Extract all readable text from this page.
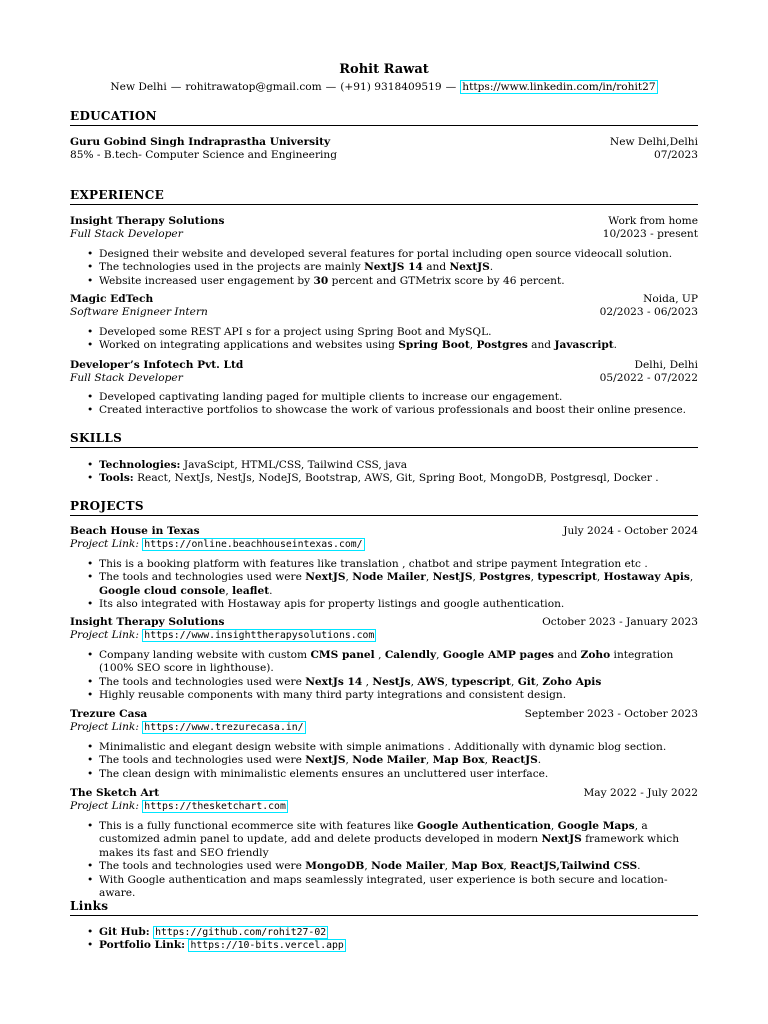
Rohit Rawat
New Delhi — rohitrawatop@gmail.com — (+91) 9318409519 — https://www.linkedin.com/in/rohit27
EDUCATION
Guru Gobind Singh Indraprastha University	New Delhi,Delhi
85% - B.tech- Computer Science and Engineering	07/2023
EXPERIENCE
Insight Therapy Solutions	Work from home
Full Stack Developer	10/2023 - present
• Designed their website and developed several features for portal including open source videocall solution.
• The technologies used in the projects are mainly NextJS 14 and NextJS.
• Website increased user engagement by 30 percent and GTMetrix score by 46 percent.
Magic EdTech	Noida, UP
Software Enigneer Intern	02/2023 - 06/2023
• Developed some REST API s for a project using Spring Boot and MySQL.
• Worked on integrating applications and websites using Spring Boot, Postgres and Javascript.
Developer’s Infotech Pvt. Ltd	Delhi, Delhi
Full Stack Developer	05/2022 - 07/2022
• Developed captivating landing paged for multiple clients to increase our engagement.
• Created interactive portfolios to showcase the work of various professionals and boost their online presence.
SKILLS
• Technologies: JavaScipt, HTML/CSS, Tailwind CSS, java
• Tools: React, NextJs, NestJs, NodeJS, Bootstrap, AWS, Git, Spring Boot, MongoDB, Postgresql, Docker .
PROJECTS
Beach House in Texas	July 2024 - October 2024
Project Link: https://online.beachhouseintexas.com/
• This is a booking platform with features like translation , chatbot and stripe payment Integration etc .
• The tools and technologies used were NextJS, Node Mailer, NestJS, Postgres, typescript, Hostaway Apis, Google cloud console, leaflet.
• Its also integrated with Hostaway apis for property listings and google authentication.
Insight Therapy Solutions	October 2023 - January 2023
Project Link: https://www.insighttherapysolutions.com
• Company landing website with custom CMS panel , Calendly, Google AMP pages and Zoho integration (100% SEO score in lighthouse).
• The tools and technologies used were NextJs 14 , NestJs, AWS, typescript, Git, Zoho Apis
• Highly reusable components with many third party integrations and consistent design.
Trezure Casa	September 2023 - October 2023
Project Link: https://www.trezurecasa.in/
• Minimalistic and elegant design website with simple animations . Additionally with dynamic blog section.
• The tools and technologies used were NextJS, Node Mailer, Map Box, ReactJS.
• The clean design with minimalistic elements ensures an uncluttered user interface.
The Sketch Art	May 2022 - July 2022
Project Link: https://thesketchart.com
• This is a fully functional ecommerce site with features like Google Authentication, Google Maps, a customized admin panel to update, add and delete products developed in modern NextJS framework which makes its fast and SEO friendly
• The tools and technologies used were MongoDB, Node Mailer, Map Box, ReactJS,Tailwind CSS.
• With Google authentication and maps seamlessly integrated, user experience is both secure and location-aware.
Links
• Git Hub: https://github.com/rohit27-02
• Portfolio Link: https://10-bits.vercel.app
